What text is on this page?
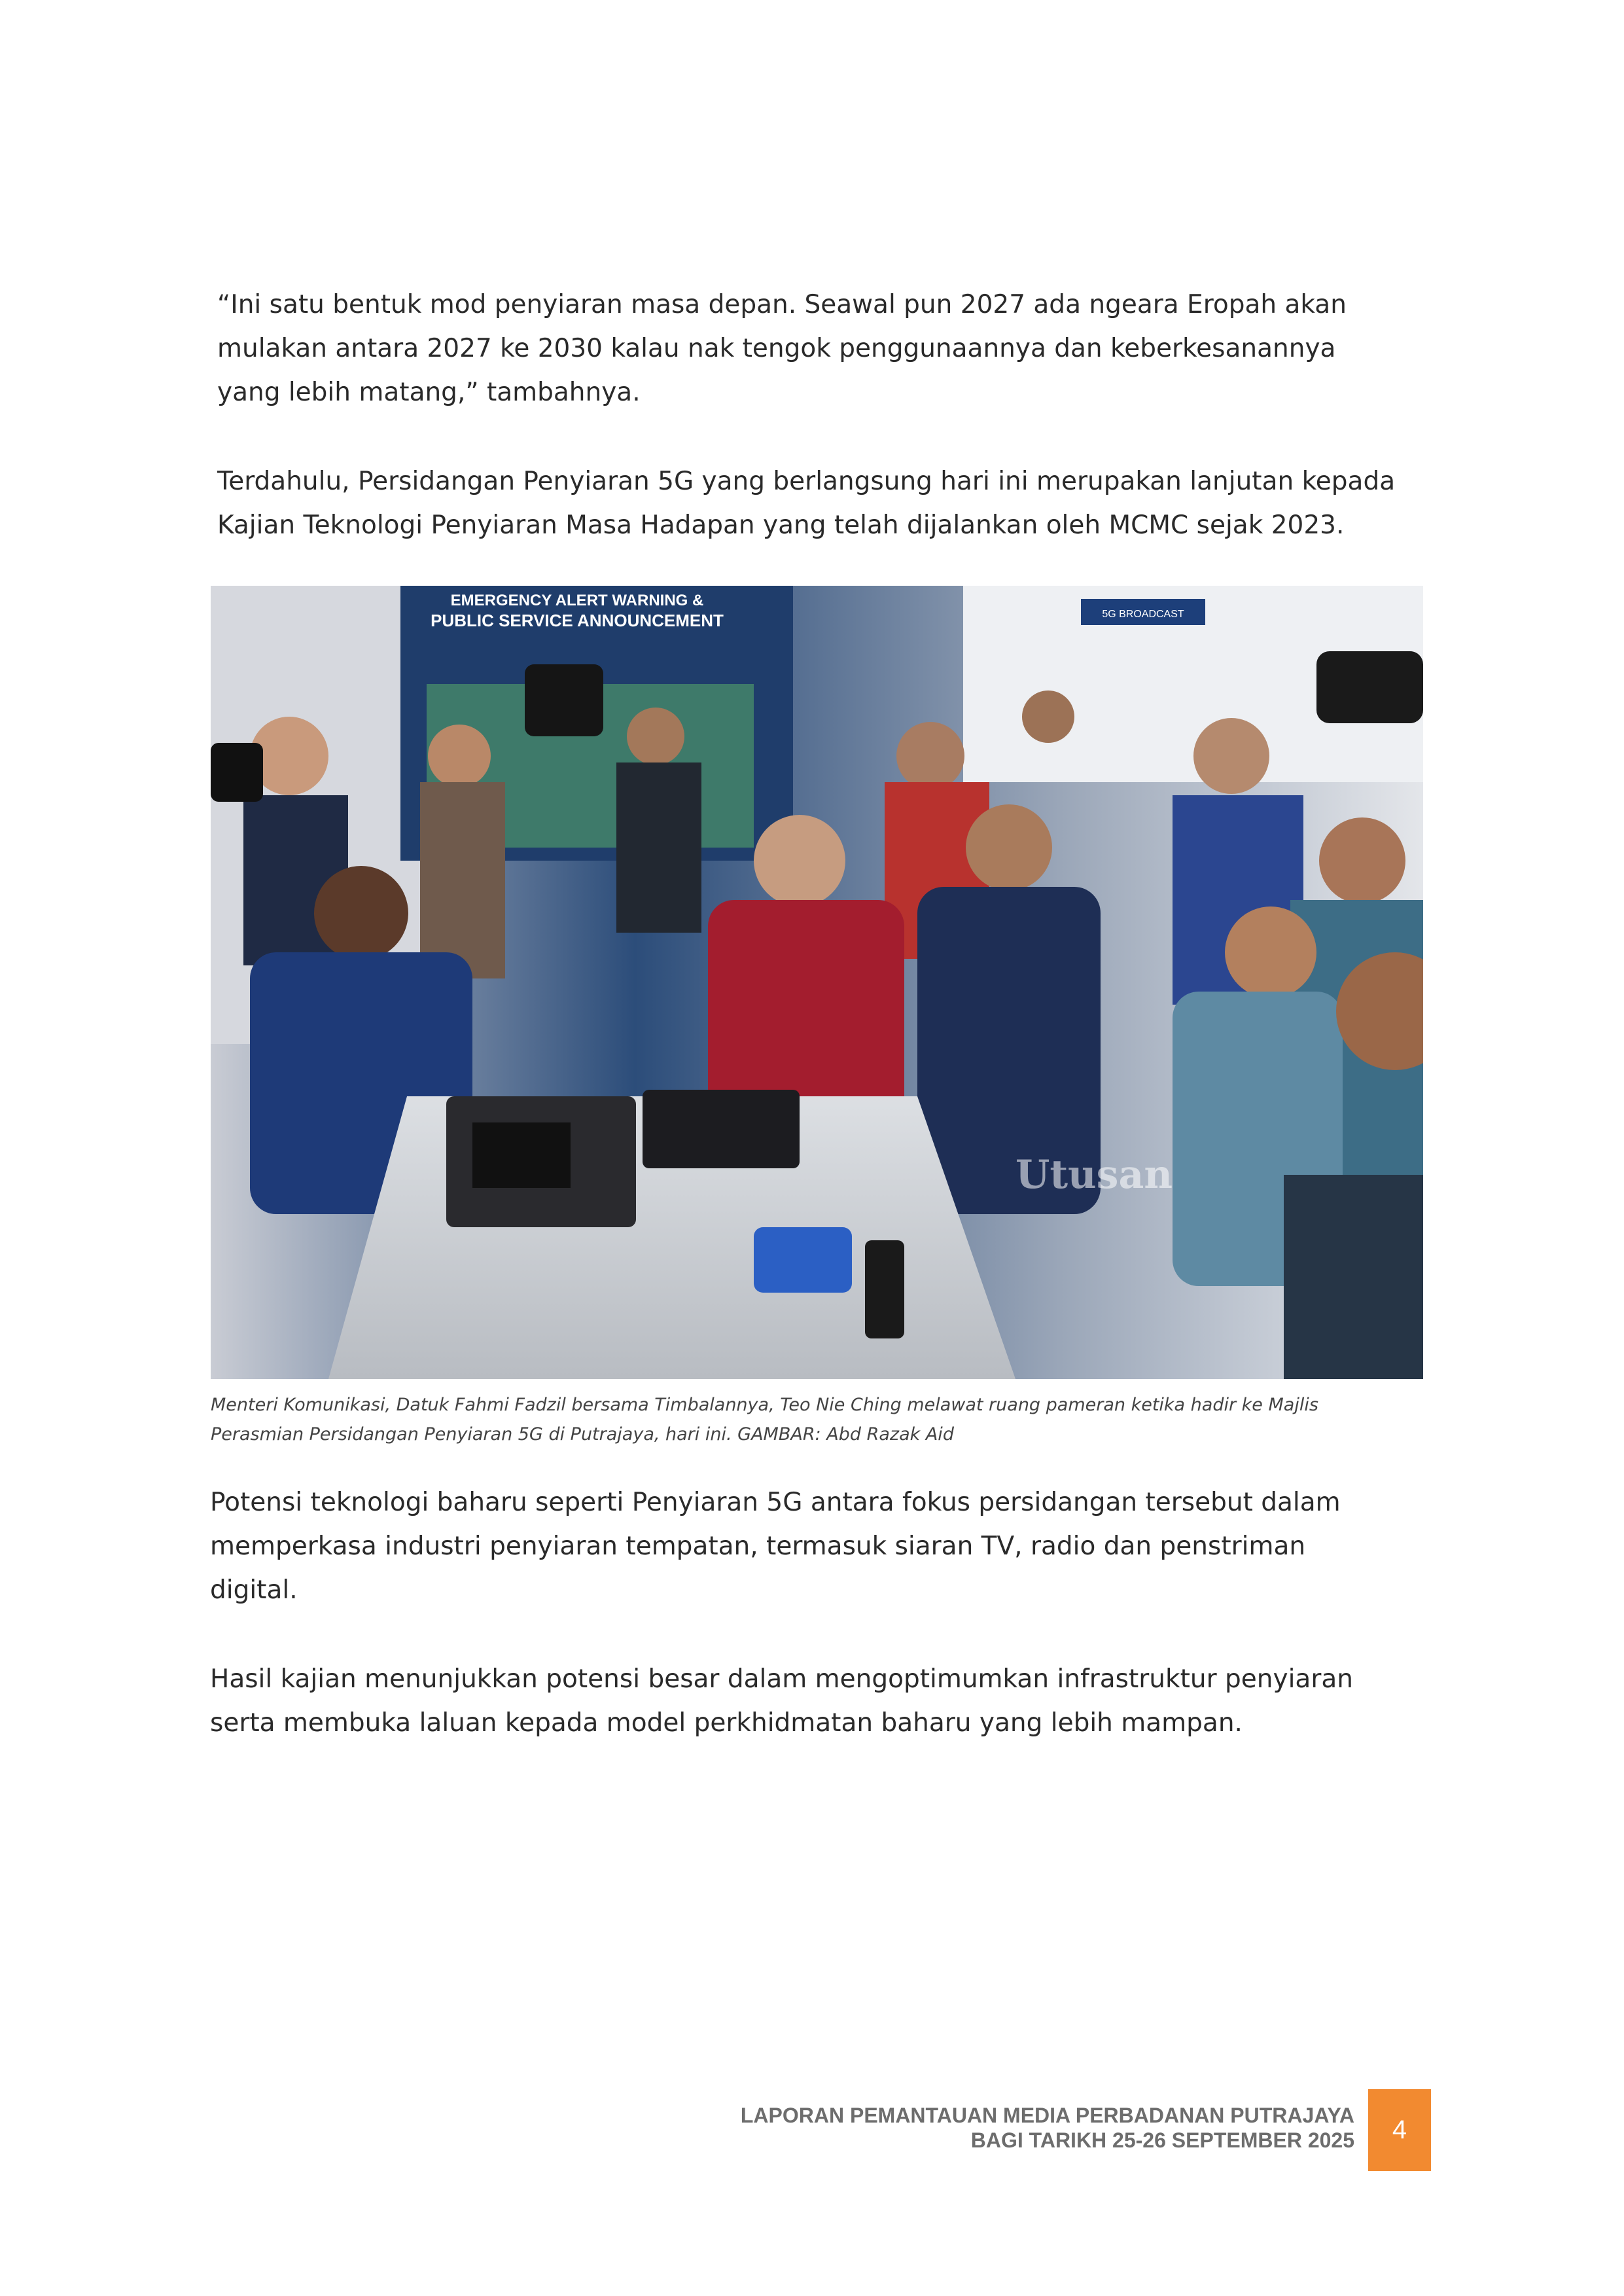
“Ini satu bentuk mod penyiaran masa depan. Seawal pun 2027 ada ngeara Eropah akan
mulakan antara 2027 ke 2030 kalau nak tengok penggunaannya dan keberkesanannya
yang lebih matang,” tambahnya.
Terdahulu, Persidangan Penyiaran 5G yang berlangsung hari ini merupakan lanjutan kepada
Kajian Teknologi Penyiaran Masa Hadapan yang telah dijalankan oleh MCMC sejak 2023.
EMERGENCY ALERT WARNING &
PUBLIC SERVICE ANNOUNCEMENT	5G BROADCAST
Utusan
Menteri Komunikasi, Datuk Fahmi Fadzil bersama Timbalannya, Teo Nie Ching melawat ruang pameran ketika hadir ke Majlis
Perasmian Persidangan Penyiaran 5G di Putrajaya, hari ini. GAMBAR: Abd Razak Aid
Potensi teknologi baharu seperti Penyiaran 5G antara fokus persidangan tersebut dalam
memperkasa industri penyiaran tempatan, termasuk siaran TV, radio dan penstriman
digital.
Hasil kajian menunjukkan potensi besar dalam mengoptimumkan infrastruktur penyiaran
serta membuka laluan kepada model perkhidmatan baharu yang lebih mampan.
LAPORAN PEMANTAUAN MEDIA PERBADANAN PUTRAJAYA
BAGI TARIKH 25-26 SEPTEMBER 2025	4
